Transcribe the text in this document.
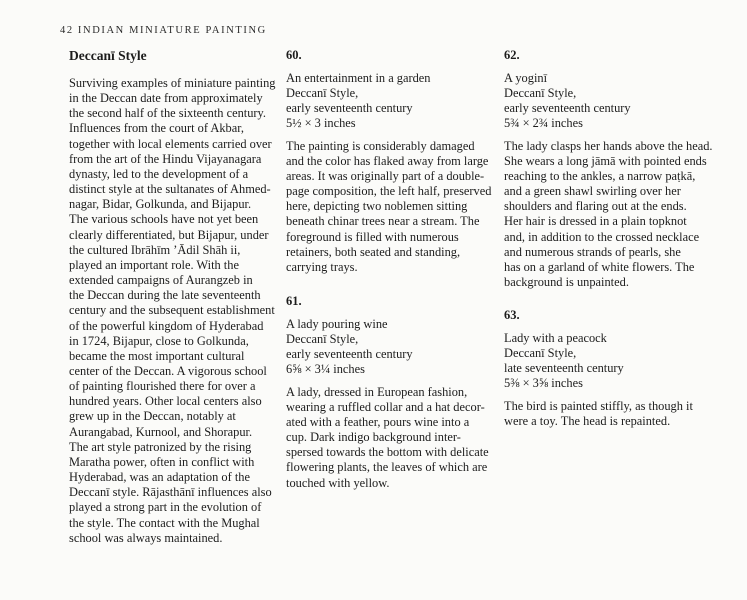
42 INDIAN MINIATURE PAINTING
Deccanī Style

Surviving examples of miniature painting
in the Deccan date from approximately
the second half of the sixteenth century.
Influences from the court of Akbar,
together with local elements carried over
from the art of the Hindu Vijayanagara
dynasty, led to the development of a
distinct style at the sultanates of Ahmed-
nagar, Bidar, Golkunda, and Bijapur.
The various schools have not yet been
clearly differentiated, but Bijapur, under
the cultured Ibrāhīm ’Ādil Shāh ii,
played an important role. With the
extended campaigns of Aurangzeb in
the Deccan during the late seventeenth
century and the subsequent establishment
of the powerful kingdom of Hyderabad
in 1724, Bijapur, close to Golkunda,
became the most important cultural
center of the Deccan. A vigorous school
of painting flourished there for over a
hundred years. Other local centers also
grew up in the Deccan, notably at
Aurangabad, Kurnool, and Shorapur.
The art style patronized by the rising
Maratha power, often in conflict with
Hyderabad, was an adaptation of the
Deccanī style. Rājasthānī influences also
played a strong part in the evolution of
the style. The contact with the Mughal
school was always maintained.

60.

An entertainment in a garden
Deccanī Style,
early seventeenth century
5½ × 3 inches

The painting is considerably damaged
and the color has flaked away from large
areas. It was originally part of a double-
page composition, the left half, preserved
here, depicting two noblemen sitting
beneath chinar trees near a stream. The
foreground is filled with numerous
retainers, both seated and standing,
carrying trays.

61.

A lady pouring wine
Deccanī Style,
early seventeenth century
6⅝ × 3¼ inches

A lady, dressed in European fashion,
wearing a ruffled collar and a hat decor-
ated with a feather, pours wine into a
cup. Dark indigo background inter-
spersed towards the bottom with delicate
flowering plants, the leaves of which are
touched with yellow.

62.

A yoginī
Deccanī Style,
early seventeenth century
5¾ × 2¾ inches

The lady clasps her hands above the head.
She wears a long jāmā with pointed ends
reaching to the ankles, a narrow paṭkā,
and a green shawl swirling over her
shoulders and flaring out at the ends.
Her hair is dressed in a plain topknot
and, in addition to the crossed necklace
and numerous strands of pearls, she
has on a garland of white flowers. The
background is unpainted.

63.

Lady with a peacock
Deccanī Style,
late seventeenth century
5⅜ × 3⅝ inches

The bird is painted stiffly, as though it
were a toy. The head is repainted.
